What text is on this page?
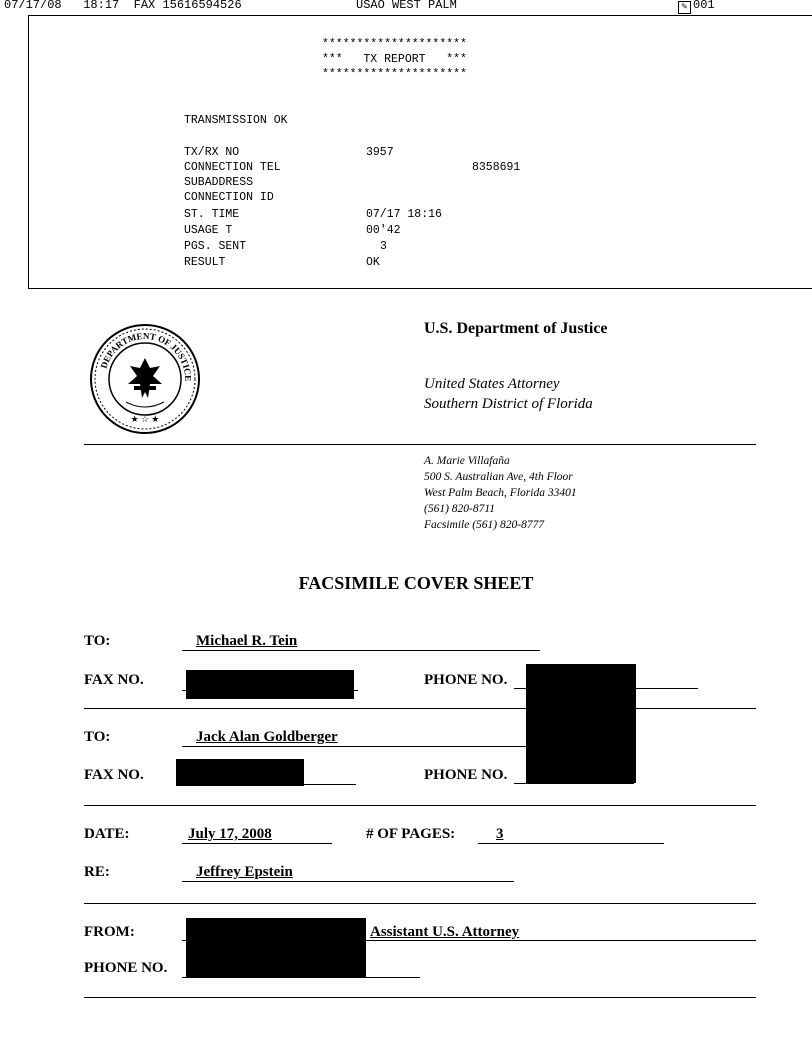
07/17/08 18:17 FAX 15616594526	USAO WEST PALM	✎ 001
*********************
***   TX REPORT   ***
*********************
TRANSMISSION OK
TX/RX NO	3957
CONNECTION TEL	8358691
SUBADDRESS
CONNECTION ID
ST. TIME	07/17 18:16
USAGE T	00'42
PGS. SENT	3
RESULT	OK
DEPARTMENT OF JUSTICE
★ ☆ ★
U.S. Department of Justice
United States Attorney
Southern District of Florida
A. Marie Villafaña
500 S. Australian Ave, 4th Floor
West Palm Beach, Florida 33401
(561) 820-8711
Facsimile (561) 820-8777
FACSIMILE COVER SHEET
TO:	Michael R. Tein
FAX NO.	PHONE NO.
TO:	Jack Alan Goldberger
FAX NO.	PHONE NO.
DATE:	July 17, 2008	# OF PAGES:	3
RE:	Jeffrey Epstein
FROM:	Assistant U.S. Attorney
PHONE NO.
